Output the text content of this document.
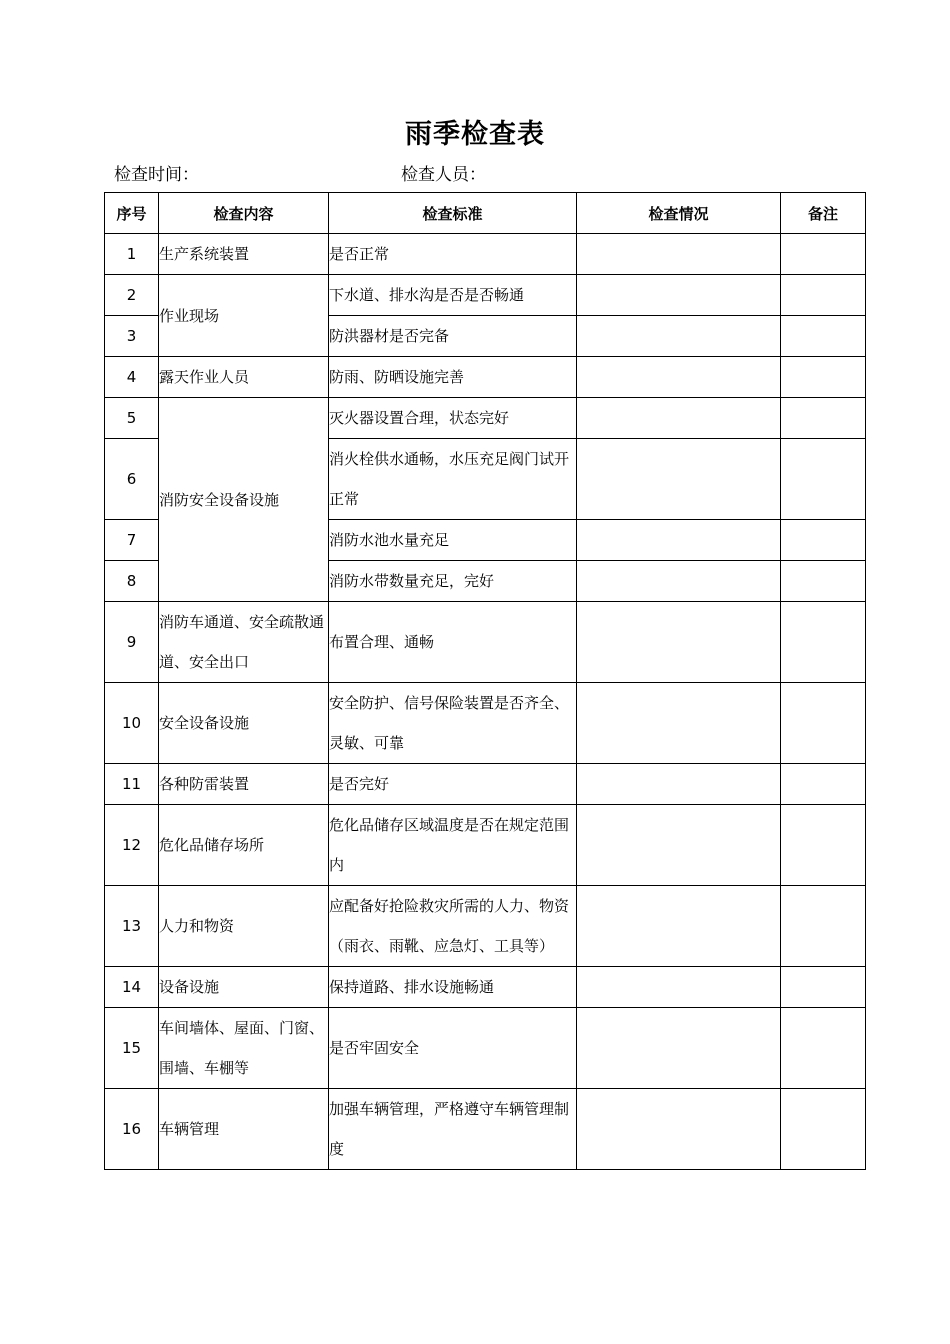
雨季检查表
检查时间：	检查人员：
序号	检查内容	检查标准	检查情况	备注
1	生产系统装置	是否正常		
2	作业现场	下水道、排水沟是否是否畅通		
3		防洪器材是否完备		
4	露天作业人员	防雨、防晒设施完善		
5	消防安全设备设施	灭火器设置合理，状态完好		
6		消火栓供水通畅，水压充足阀门试开正常		
7		消防水池水量充足		
8		消防水带数量充足，完好		
9	消防车通道、安全疏散通道、安全出口	布置合理、通畅		
10	安全设备设施	安全防护、信号保险装置是否齐全、灵敏、可靠		
11	各种防雷装置	是否完好		
12	危化品储存场所	危化品储存区域温度是否在规定范围内		
13	人力和物资	应配备好抢险救灾所需的人力、物资（雨衣、雨靴、应急灯、工具等）		
14	设备设施	保持道路、排水设施畅通		
15	车间墙体、屋面、门窗、围墙、车棚等	是否牢固安全		
16	车辆管理	加强车辆管理，严格遵守车辆管理制度		
